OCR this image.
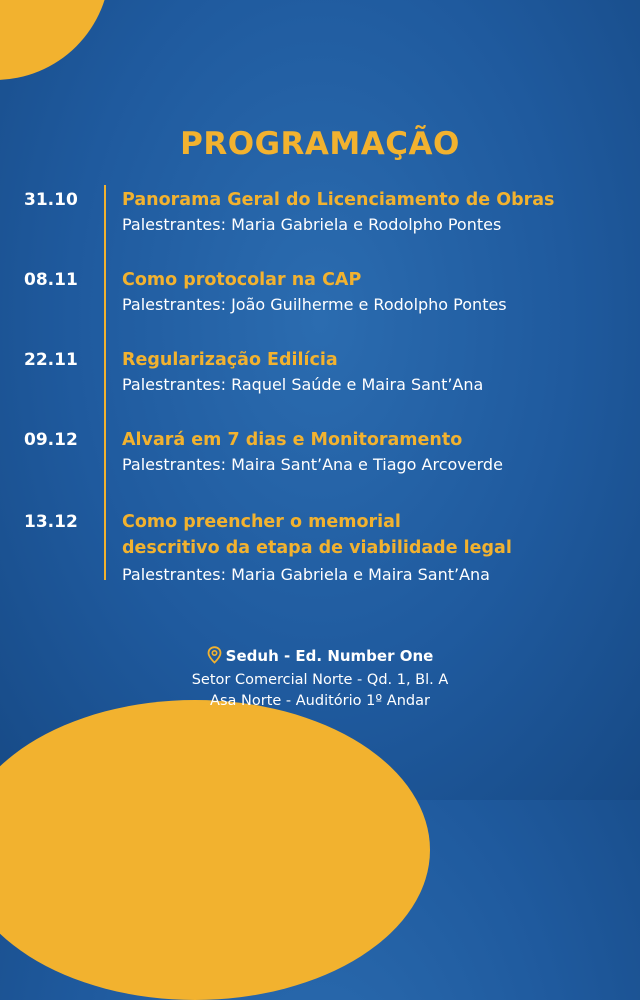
PROGRAMAÇÃO
31.10	Panorama Geral do Licenciamento de Obras
Palestrantes: Maria Gabriela e Rodolpho Pontes
08.11	Como protocolar na CAP
Palestrantes: João Guilherme e Rodolpho Pontes
22.11	Regularização Edilícia
Palestrantes: Raquel Saúde e Maira Sant’Ana
09.12	Alvará em 7 dias e Monitoramento
Palestrantes: Maira Sant’Ana e Tiago Arcoverde
13.12	Como preencher o memorial
descritivo da etapa de viabilidade legal
Palestrantes: Maria Gabriela e Maira Sant’Ana
Seduh - Ed. Number One
Setor Comercial Norte - Qd. 1, Bl. A
Asa Norte - Auditório 1º Andar
